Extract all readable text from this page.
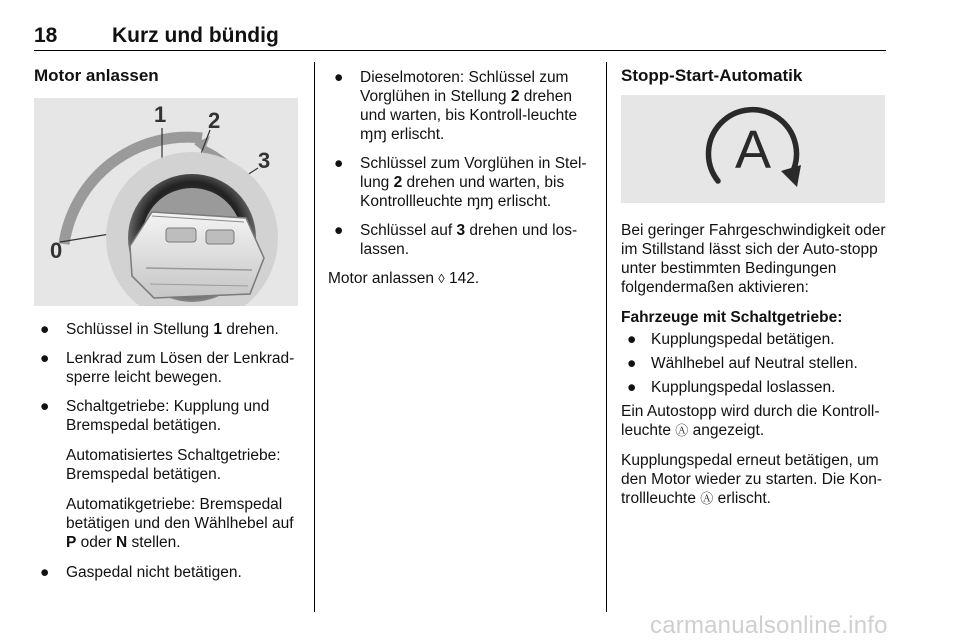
18	Kurz und bündig
Motor anlassen
1 2
3
0
● Schlüssel in Stellung 1 drehen.
● Lenkrad zum Lösen der Lenkrad-sperre leicht bewegen.
● Schaltgetriebe: Kupplung und Bremspedal betätigen.

Automatisiertes Schaltgetriebe: Bremspedal betätigen.

Automatikgetriebe: Bremspedal betätigen und den Wählhebel auf P oder N stellen.

● Gaspedal nicht betätigen.
● Dieselmotoren: Schlüssel zum Vorglühen in Stellung 2 drehen und warten, bis Kontroll-leuchte ɱɱ erlischt.
● Schlüssel zum Vorglühen in Stel-lung 2 drehen und warten, bis Kontrollleuchte ɱɱ erlischt.
● Schlüssel auf 3 drehen und los-lassen.

Motor anlassen ◊ 142.

Stopp-Start-Automatik
A

Bei geringer Fahrgeschwindigkeit oder im Stillstand lässt sich der Auto-stopp unter bestimmten Bedingungen folgendermaßen aktivieren:

Fahrzeuge mit Schaltgetriebe:
● Kupplungspedal betätigen.
● Wählhebel auf Neutral stellen.
● Kupplungspedal loslassen.

Ein Autostopp wird durch die Kontroll-leuchte Ⓐ angezeigt.

Kupplungspedal erneut betätigen, um den Motor wieder zu starten. Die Kon-trollleuchte Ⓐ erlischt.

carmanualsonline.info
